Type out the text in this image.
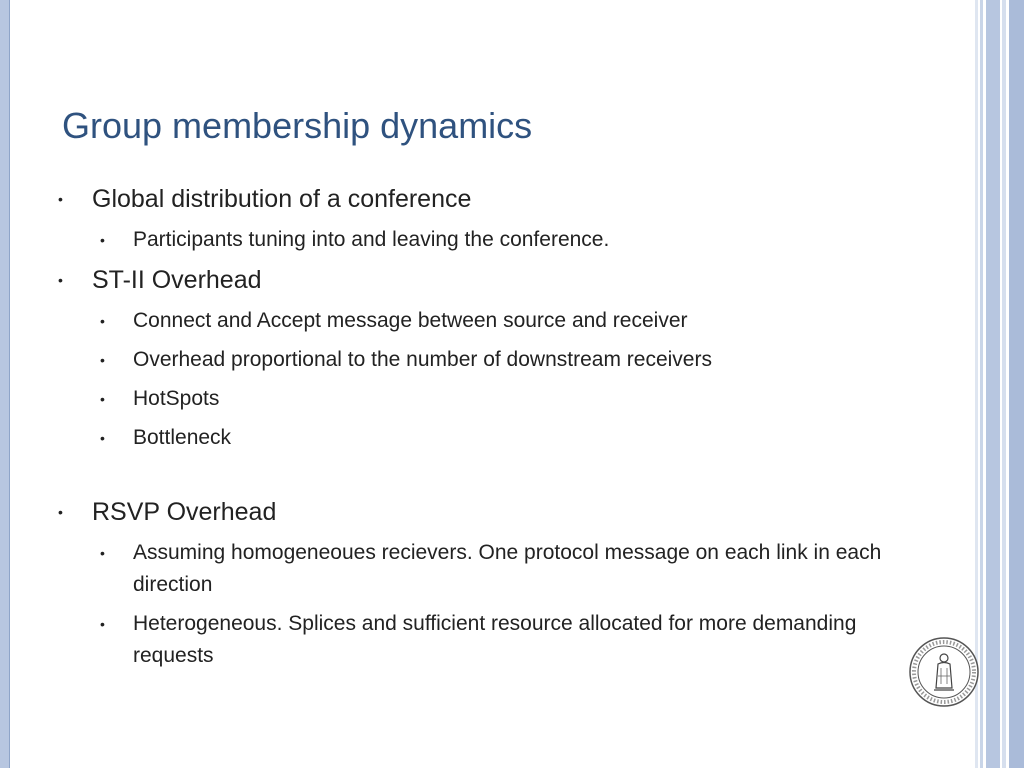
Group membership dynamics
• Global distribution of a conference
• Participants tuning into and leaving the conference.
• ST-II Overhead
• Connect and Accept message between source and receiver
• Overhead proportional to the number of downstream receivers
• HotSpots
• Bottleneck
• RSVP Overhead
• Assuming homogeneoues recievers. One protocol message on each link in each direction
• Heterogeneous. Splices and sufficient resource allocated for more demanding requests
